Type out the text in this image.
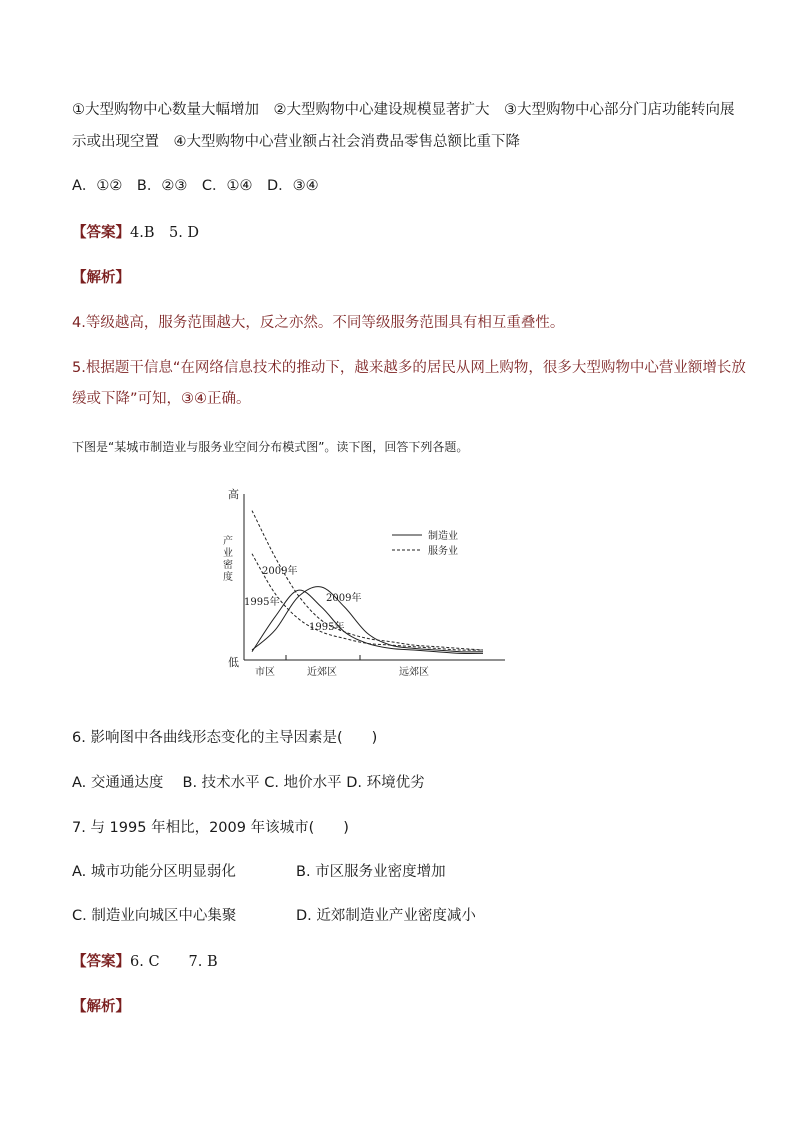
①大型购物中心数量大幅增加　②大型购物中心建设规模显著扩大　③大型购物中心部分门店功能转向展
示或出现空置　④大型购物中心营业额占社会消费品零售总额比重下降
A．①②　B．②③　C．①④　D．③④
【答案】4.B　5. D
【解析】
4.等级越高，服务范围越大，反之亦然。不同等级服务范围具有相互重叠性。
5.根据题干信息“在网络信息技术的推动下，越来越多的居民从网上购物，很多大型购物中心营业额增长放
缓或下降”可知，③④正确。
下图是“某城市制造业与服务业空间分布模式图”。读下图，回答下列各题。
高
低
产
业
密
度
市区	近郊区	远郊区
制造业
服务业
2009年
1995年	2009年
1995年
6. 影响图中各曲线形态变化的主导因素是(　　)
A. 交通通达度　 B. 技术水平 C. 地价水平 D. 环境优劣
7. 与 1995 年相比，2009 年该城市(　　)
A. 城市功能分区明显弱化	B. 市区服务业密度增加
C. 制造业向城区中心集聚	D. 近郊制造业产业密度减小
【答案】6. C　　7. B
【解析】
